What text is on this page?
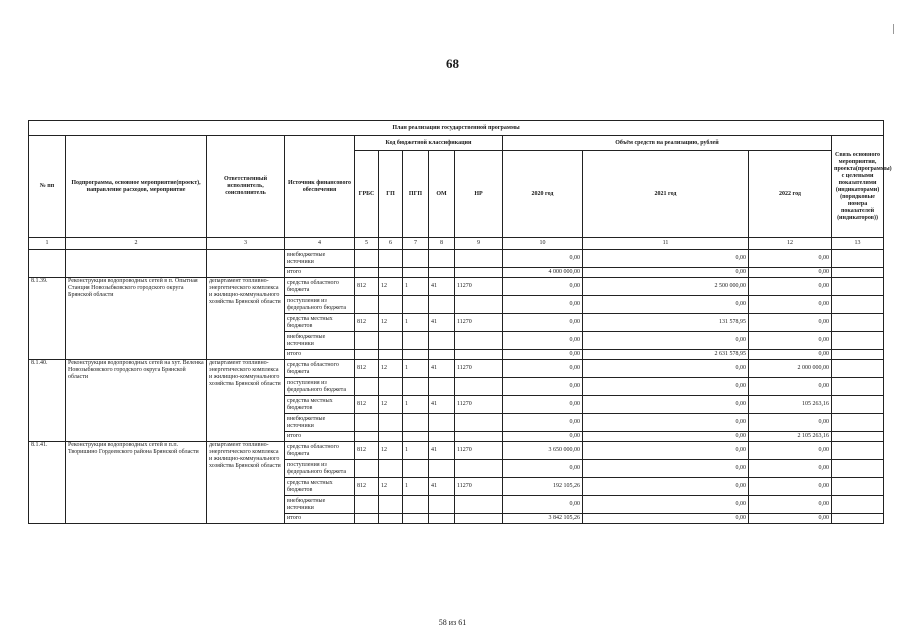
68
План реализации государственной программы												
№ пп	Подпрограмма, основное мероприятие(проект), направление расходов, мероприятие	Ответственный исполнитель, соисполнитель	Источник финансового обеспечения	Код бюджетной классификации					Объём средств на реализацию, рублей			Связь основного мероприятия, проекта(программы) с целевыми показателями (индикаторами) (порядковые номера показателей (индикаторов))
				ГРБС	ГП	ПГП	ОМ	НР	2020 год	2021 год	2022 год	
1	2	3	4	5	6	7	8	9	10	11	12	13
			внебюджетные источники						0,00	0,00	0,00	
			итого						4 000 000,00	0,00	0,00	
8.1.39.	Реконструкция водопроводных сетей в п. Опытная Станция Новозыбковского городского округа Брянской области	департамент топливно-энергетического комплекса и жилищно-коммунального хозяйства Брянской области	средства областного бюджета	812	12	1	41	11270	0,00	2 500 000,00	0,00	
			поступления из федерального бюджета						0,00	0,00	0,00	
			средства местных бюджетов	812	12	1	41	11270	0,00	131 578,95	0,00	
			внебюджетные источники						0,00	0,00	0,00	
			итого						0,00	2 631 578,95	0,00	
8.1.40.	Реконструкция водопроводных сетей на хут. Веленка Новозыбковского городского округа Брянской области	департамент топливно-энергетического комплекса и жилищно-коммунального хозяйства Брянской области	средства областного бюджета	812	12	1	41	11270	0,00	0,00	2 000 000,00	
			поступления из федерального бюджета						0,00	0,00	0,00	
			средства местных бюджетов	812	12	1	41	11270	0,00	0,00	105 263,16	
			внебюджетные источники						0,00	0,00	0,00	
			итого						0,00	0,00	2 105 263,16	
8.1.41.	Реконструкция водопроводных сетей в п.п. Творишино Гордеевского района Брянской области	департамент топливно-энергетического комплекса и жилищно-коммунального хозяйства Брянской области	средства областного бюджета	812	12	1	41	11270	3 650 000,00	0,00	0,00	
			поступления из федерального бюджета						0,00	0,00	0,00	
			средства местных бюджетов	812	12	1	41	11270	192 105,26	0,00	0,00	
			внебюджетные источники						0,00	0,00	0,00	
			итого						3 842 105,26	0,00	0,00	
58 из 61
